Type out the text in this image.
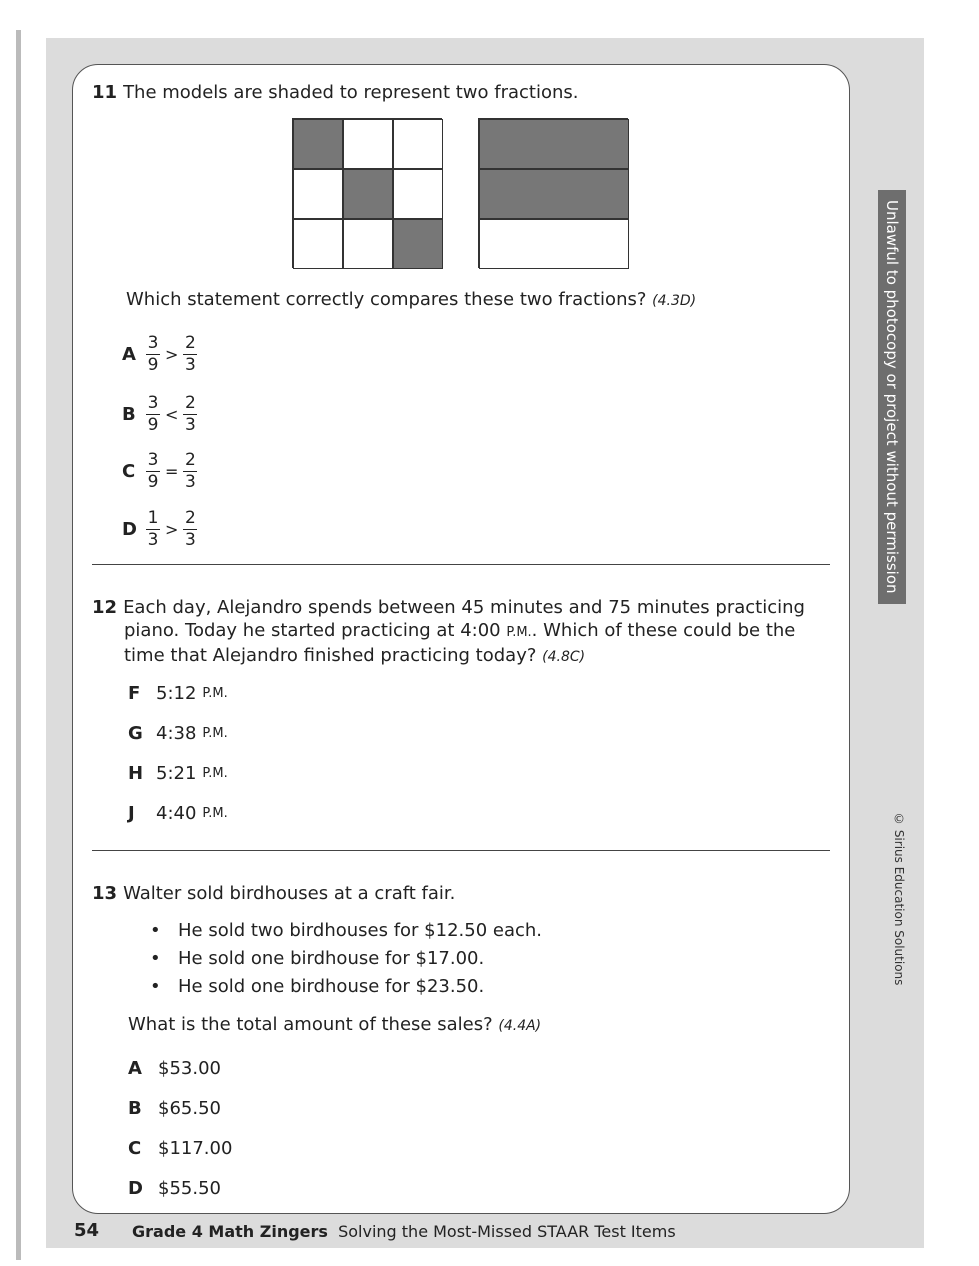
Unlawful to photocopy or project without permission
© Sirius Education Solutions
11 The models are shaded to represent two fractions.
Which statement correctly compares these two fractions? (4.3D)
A $\frac{3}{9} > \frac{2}{3}$
B $\frac{3}{9} < \frac{2}{3}$
C $\frac{3}{9} = \frac{2}{3}$
D $\frac{1}{3} > \frac{2}{3}$
12 Each day, Alejandro spends between 45 minutes and 75 minutes practicing
piano. Today he started practicing at 4:00 P.M.. Which of these could be the
time that Alejandro finished practicing today? (4.8C)
F 5:12 P.M.
G 4:38 P.M.
H 5:21 P.M.
J	4:40 P.M.
13 Walter sold birdhouses at a craft fair.
• He sold two birdhouses for $12.50 each.
• He sold one birdhouse for $17.00.
• He sold one birdhouse for $23.50.
What is the total amount of these sales? (4.4A)
A $53.00
B $65.50
C $117.00
D $55.50
54 Grade 4 Math Zingers Solving the Most-Missed STAAR Test Items
